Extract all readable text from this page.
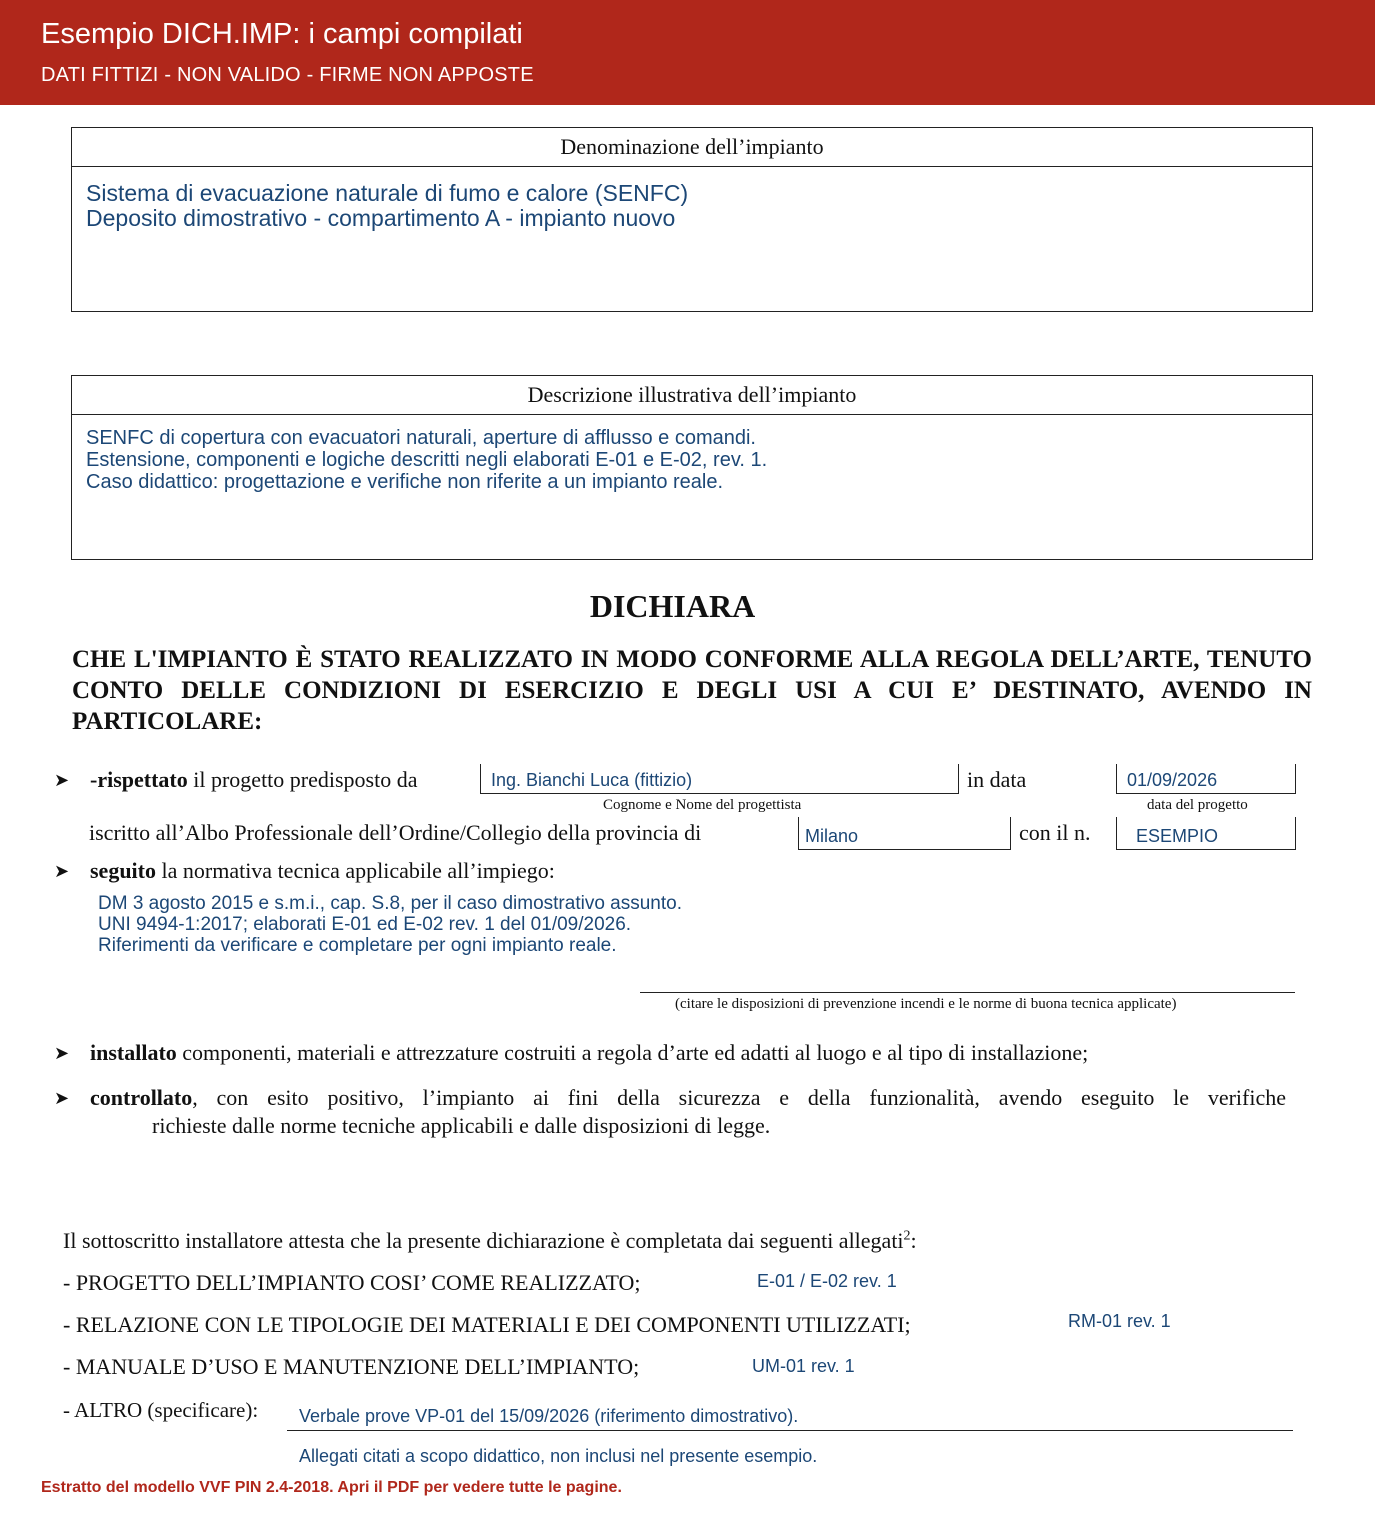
Esempio DICH.IMP: i campi compilati
DATI FITTIZI - NON VALIDO - FIRME NON APPOSTE
Denominazione dell’impianto
Sistema di evacuazione naturale di fumo e calore (SENFC)
Deposito dimostrativo - compartimento A - impianto nuovo
Descrizione illustrativa dell’impianto
SENFC di copertura con evacuatori naturali, aperture di afflusso e comandi.
Estensione, componenti e logiche descritti negli elaborati E-01 e E-02, rev. 1.
Caso didattico: progettazione e verifiche non riferite a un impianto reale.
DICHIARA
CHE L'IMPIANTO È STATO REALIZZATO IN MODO CONFORME ALLA REGOLA DELL’ARTE, TENUTO CONTO DELLE CONDIZIONI DI ESERCIZIO E DEGLI USI A CUI E’ DESTINATO, AVENDO IN PARTICOLARE:
➤ -rispettato il progetto predisposto da	Ing. Bianchi Luca (fittizio)
Cognome e Nome del progettista
in data	01/09/2026
data del progetto
iscritto all’Albo Professionale dell’Ordine/Collegio della provincia di	Milano	con il n.	ESEMPIO
➤ seguito la normativa tecnica applicabile all’impiego:
DM 3 agosto 2015 e s.m.i., cap. S.8, per il caso dimostrativo assunto.
UNI 9494-1:2017; elaborati E-01 ed E-02 rev. 1 del 01/09/2026.
Riferimenti da verificare e completare per ogni impianto reale.
(citare le disposizioni di prevenzione incendi e le norme di buona tecnica applicate)
➤ installato componenti, materiali e attrezzature costruiti a regola d’arte ed adatti al luogo e al tipo di installazione;
➤ controllato, con esito positivo, l’impianto ai fini della sicurezza e della funzionalità, avendo eseguito le verifiche
richieste dalle norme tecniche applicabili e dalle disposizioni di legge.
Il sottoscritto installatore attesta che la presente dichiarazione è completata dai seguenti allegati$^2$:
- PROGETTO DELL’IMPIANTO COSI’ COME REALIZZATO;	E-01 / E-02 rev. 1
- RELAZIONE CON LE TIPOLOGIE DEI MATERIALI E DEI COMPONENTI UTILIZZATI;	RM-01 rev. 1
- MANUALE D’USO E MANUTENZIONE DELL’IMPIANTO;	UM-01 rev. 1
- ALTRO (specificare): Verbale prove VP-01 del 15/09/2026 (riferimento dimostrativo).
Allegati citati a scopo didattico, non inclusi nel presente esempio.
Estratto del modello VVF PIN 2.4-2018. Apri il PDF per vedere tutte le pagine.
